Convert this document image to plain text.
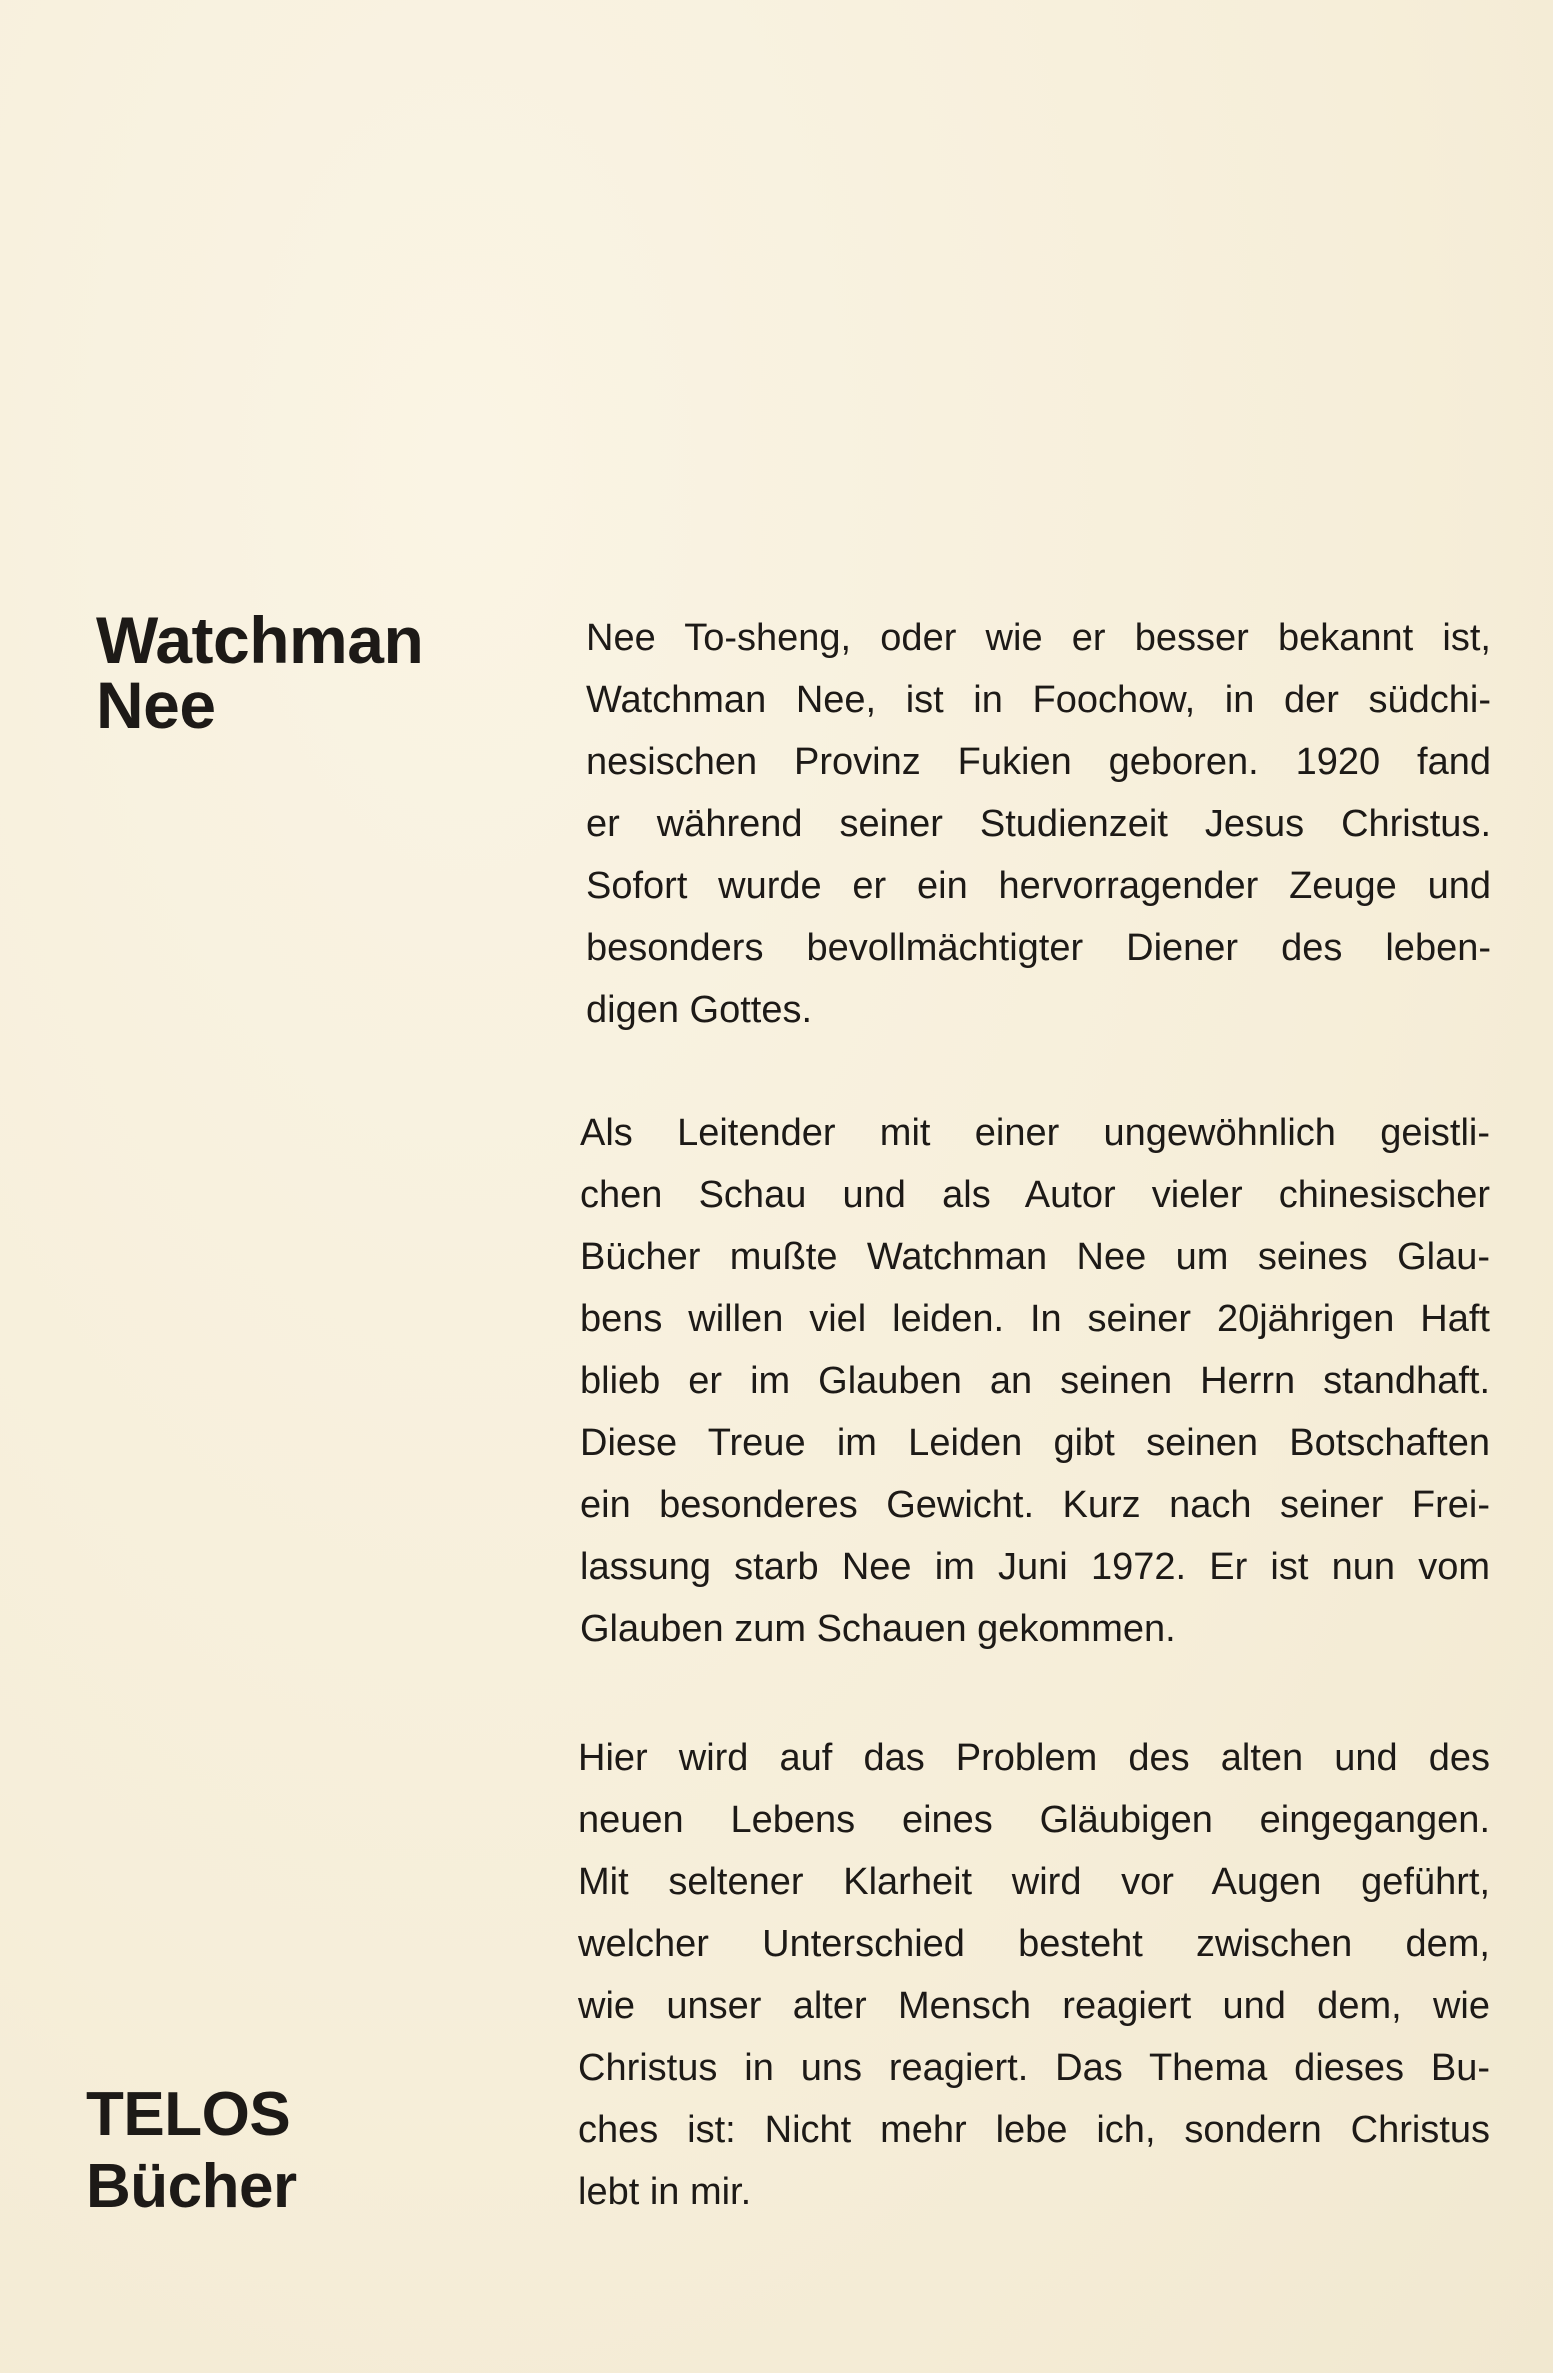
Watchman
Nee
Nee To-sheng, oder wie er besser bekannt ist,
Watchman Nee, ist in Foochow, in der südchi-
nesischen Provinz Fukien geboren. 1920 fand
er während seiner Studienzeit Jesus Christus.
Sofort wurde er ein hervorragender Zeuge und
besonders bevollmächtigter Diener des leben-
digen Gottes.
Als Leitender mit einer ungewöhnlich geistli-
chen Schau und als Autor vieler chinesischer
Bücher mußte Watchman Nee um seines Glau-
bens willen viel leiden. In seiner 20jährigen Haft
blieb er im Glauben an seinen Herrn standhaft.
Diese Treue im Leiden gibt seinen Botschaften
ein besonderes Gewicht. Kurz nach seiner Frei-
lassung starb Nee im Juni 1972. Er ist nun vom
Glauben zum Schauen gekommen.
Hier wird auf das Problem des alten und des
neuen Lebens eines Gläubigen eingegangen.
Mit seltener Klarheit wird vor Augen geführt,
welcher Unterschied besteht zwischen dem,
wie unser alter Mensch reagiert und dem, wie
Christus in uns reagiert. Das Thema dieses Bu-
ches ist: Nicht mehr lebe ich, sondern Christus
lebt in mir.
TELOS
Bücher
